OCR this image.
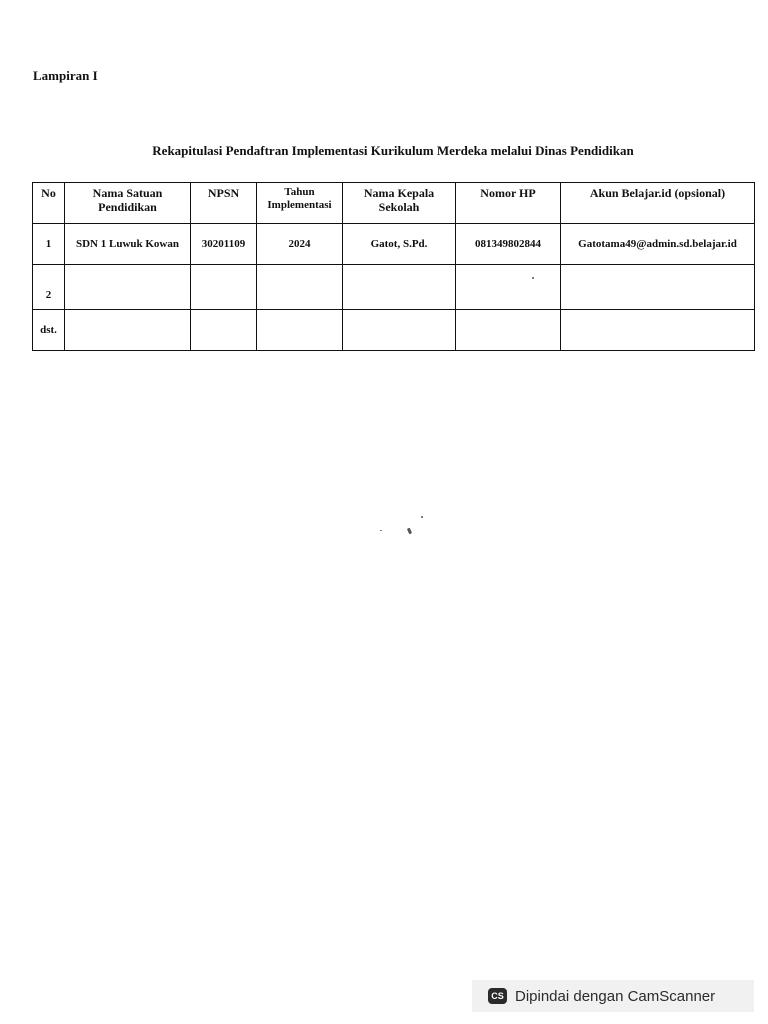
Lampiran I
Rekapitulasi Pendaftran Implementasi Kurikulum Merdeka melalui Dinas Pendidikan
No	Nama Satuan Pendidikan	NPSN	Tahun Implementasi	Nama Kepala Sekolah	Nomor HP	Akun Belajar.id (opsional)
1	SDN 1 Luwuk Kowan	30201109	2024	Gatot, S.Pd.	081349802844	Gatotama49@admin.sd.belajar.id
2						
dst.						
CS Dipindai dengan CamScanner
